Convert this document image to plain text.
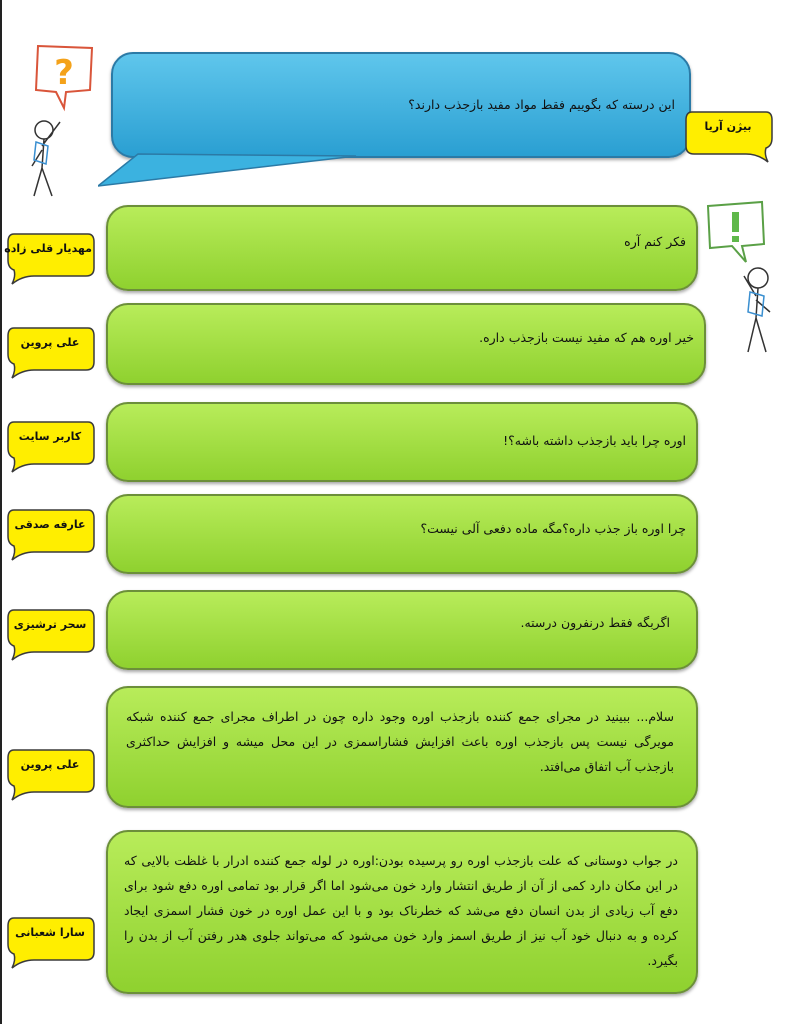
?
این درسته که بگوییم فقط مواد مفید بازجذب دارند؟
بیژن آریا
فکر کنم آره
مهدیار قلی زاده
خیر اوره هم که مفید نیست بازجذب داره.
علی پروین
اوره چرا باید بازجذب داشته باشه؟!
کاربر سایت
چرا اوره باز جذب داره؟مگه ماده دفعی آلی نیست؟
عارفه صدقی
اگربگه فقط درنفرون درسته.
سحر ترشیزی
سلام... ببینید در مجرای جمع کننده بازجذب اوره وجود داره چون در اطراف مجرای جمع کننده شبکه مویرگی نیست پس بازجذب اوره باعث افزایش فشاراسمزی در این محل میشه و افزایش حداکثری بازجذب آب اتفاق می‌افتد.
علی پروین
در جواب دوستانی که علت بازجذب اوره رو پرسیده بودن:اوره در لوله جمع کننده ادرار با غلظت بالایی که در این مکان دارد کمی از آن از طریق انتشار وارد خون می‌شود اما اگر قرار بود تمامی اوره دفع شود برای دفع آب زیادی از بدن انسان دفع می‌شد که خطرناک بود و با این عمل اوره در خون فشار اسمزی ایجاد کرده و به دنبال خود آب نیز از طریق اسمز وارد خون می‌شود که می‌تواند جلوی هدر رفتن آب از بدن را بگیرد.
سارا شعبانی
